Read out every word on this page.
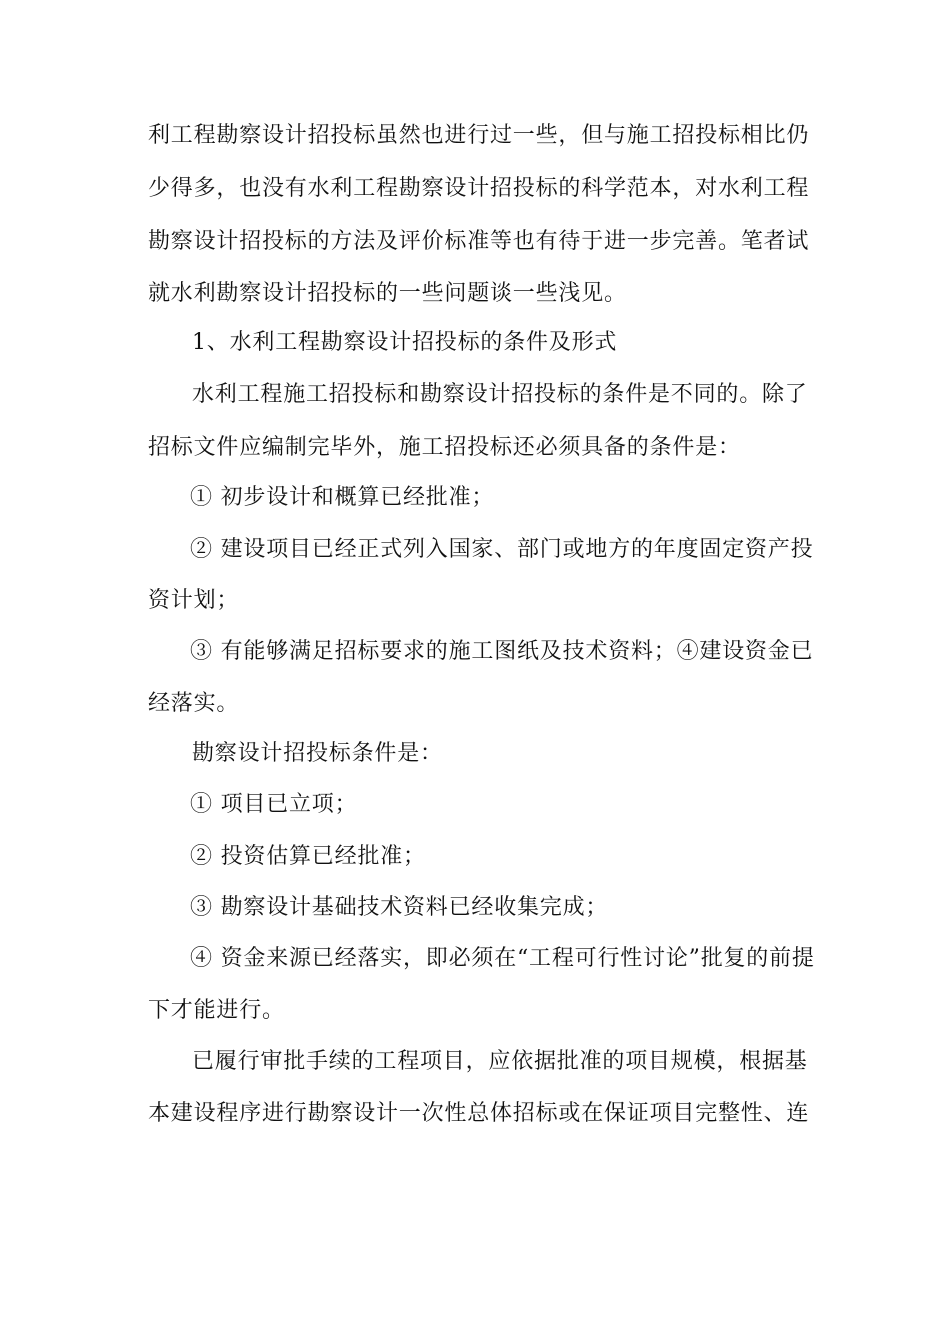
利工程勘察设计招投标虽然也进行过一些，但与施工招投标相比仍
少得多，也没有水利工程勘察设计招投标的科学范本，对水利工程
勘察设计招投标的方法及评价标准等也有待于进一步完善。笔者试
就水利勘察设计招投标的一些问题谈一些浅见。
1、水利工程勘察设计招投标的条件及形式
水利工程施工招投标和勘察设计招投标的条件是不同的。除了
招标文件应编制完毕外，施工招投标还必须具备的条件是：
① 初步设计和概算已经批准；
② 建设项目已经正式列入国家、部门或地方的年度固定资产投
资计划；
③ 有能够满足招标要求的施工图纸及技术资料；④建设资金已
经落实。
勘察设计招投标条件是：
① 项目已立项；
② 投资估算已经批准；
③ 勘察设计基础技术资料已经收集完成；
④ 资金来源已经落实，即必须在“工程可行性讨论”批复的前提
下才能进行。
已履行审批手续的工程项目，应依据批准的项目规模，根据基
本建设程序进行勘察设计一次性总体招标或在保证项目完整性、连
